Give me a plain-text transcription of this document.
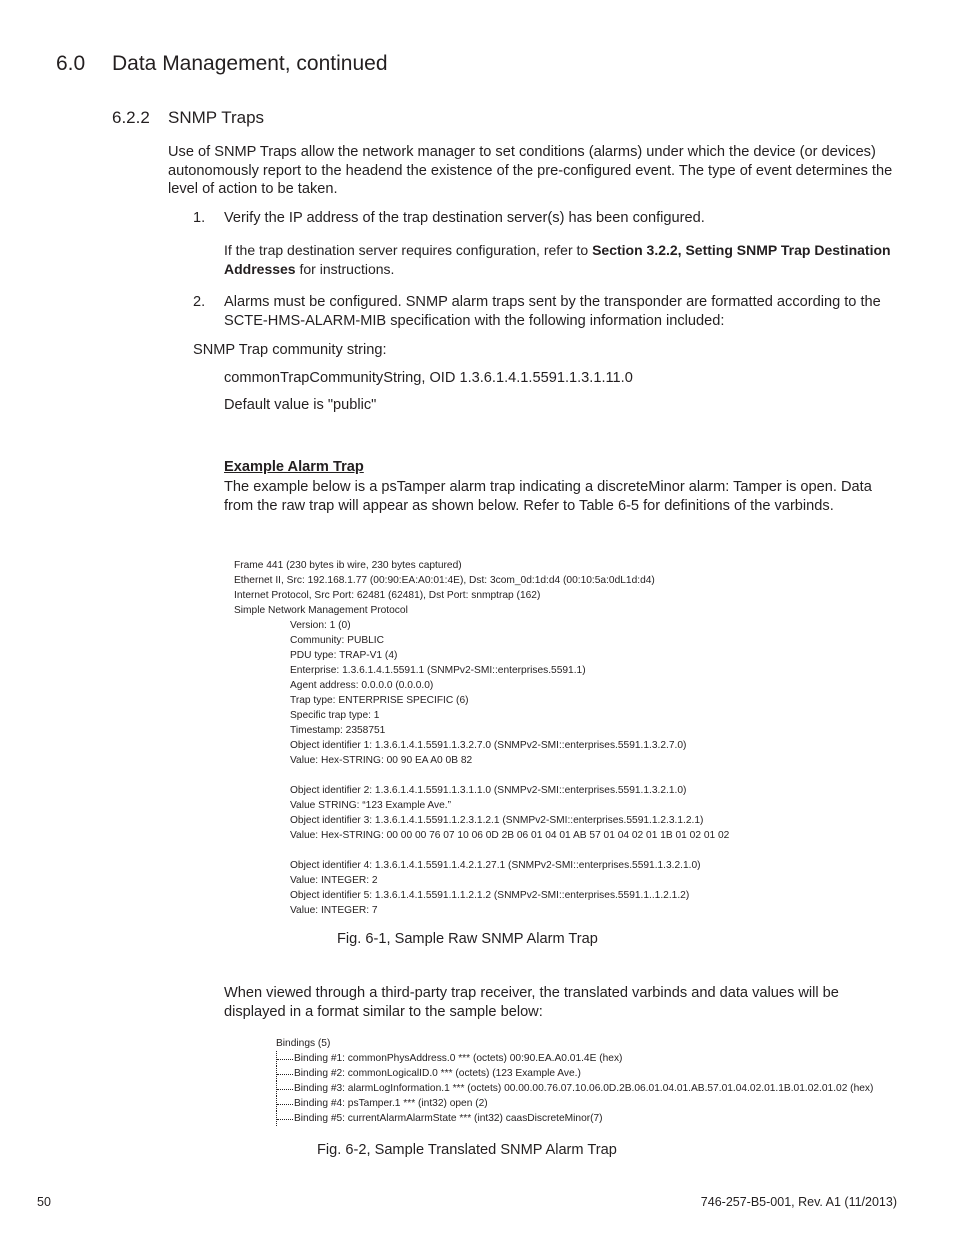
6.0 Data Management, continued
6.2.2 SNMP Traps
Use of SNMP Traps allow the network manager to set conditions (alarms) under which the device (or devices) autonomously report to the headend the existence of the pre-configured event. The type of event determines the level of action to be taken.
1. Verify the IP address of the trap destination server(s) has been configured.
If the trap destination server requires configuration, refer to Section 3.2.2, Setting SNMP Trap Destination Addresses for instructions.
2. Alarms must be configured. SNMP alarm traps sent by the transponder are formatted according to the SCTE-HMS-ALARM-MIB specification with the following information included:
SNMP Trap community string:
commonTrapCommunityString, OID 1.3.6.1.4.1.5591.1.3.1.11.0
Default value is "public"
Example Alarm Trap
The example below is a psTamper alarm trap indicating a discreteMinor alarm: Tamper is open. Data from the raw trap will appear as shown below. Refer to Table 6-5 for definitions of the varbinds.
Frame 441 (230 bytes ib wire, 230 bytes captured)
Ethernet II, Src: 192.168.1.77 (00:90:EA:A0:01:4E), Dst: 3com_0d:1d:d4 (00:10:5a:0dL1d:d4)
Internet Protocol, Src Port: 62481 (62481), Dst Port: snmptrap (162)
Simple Network Management Protocol
Version: 1 (0)
Community: PUBLIC
PDU type: TRAP-V1 (4)
Enterprise: 1.3.6.1.4.1.5591.1 (SNMPv2-SMI::enterprises.5591.1)
Agent address: 0.0.0.0 (0.0.0.0)
Trap type: ENTERPRISE SPECIFIC (6)
Specific trap type: 1
Timestamp: 2358751
Object identifier 1: 1.3.6.1.4.1.5591.1.3.2.7.0 (SNMPv2-SMI::enterprises.5591.1.3.2.7.0)
Value: Hex-STRING: 00 90 EA A0 0B 82
Object identifier 2: 1.3.6.1.4.1.5591.1.3.1.1.0 (SNMPv2-SMI::enterprises.5591.1.3.2.1.0)
Value STRING: “123 Example Ave.”
Object identifier 3: 1.3.6.1.4.1.5591.1.2.3.1.2.1 (SNMPv2-SMI::enterprises.5591.1.2.3.1.2.1)
Value: Hex-STRING: 00 00 00 76 07 10 06 0D 2B 06 01 04 01 AB 57 01 04 02 01 1B 01 02 01 02
Object identifier 4: 1.3.6.1.4.1.5591.1.4.2.1.27.1 (SNMPv2-SMI::enterprises.5591.1.3.2.1.0)
Value: INTEGER: 2
Object identifier 5: 1.3.6.1.4.1.5591.1.1.2.1.2 (SNMPv2-SMI::enterprises.5591.1..1.2.1.2)
Value: INTEGER: 7
Fig. 6-1, Sample Raw SNMP Alarm Trap
When viewed through a third-party trap receiver, the translated varbinds and data values will be displayed in a format similar to the sample below:
Bindings (5)
Binding #1: commonPhysAddress.0 *** (octets) 00:90.EA.A0.01.4E (hex)
Binding #2: commonLogicalID.0 *** (octets) (123 Example Ave.)
Binding #3: alarmLogInformation.1 *** (octets) 00.00.00.76.07.10.06.0D.2B.06.01.04.01.AB.57.01.04.02.01.1B.01.02.01.02 (hex)
Binding #4: psTamper.1 *** (int32) open (2)
Binding #5: currentAlarmAlarmState *** (int32) caasDiscreteMinor(7)
Fig. 6-2, Sample Translated SNMP Alarm Trap
50	746-257-B5-001, Rev. A1 (11/2013)
